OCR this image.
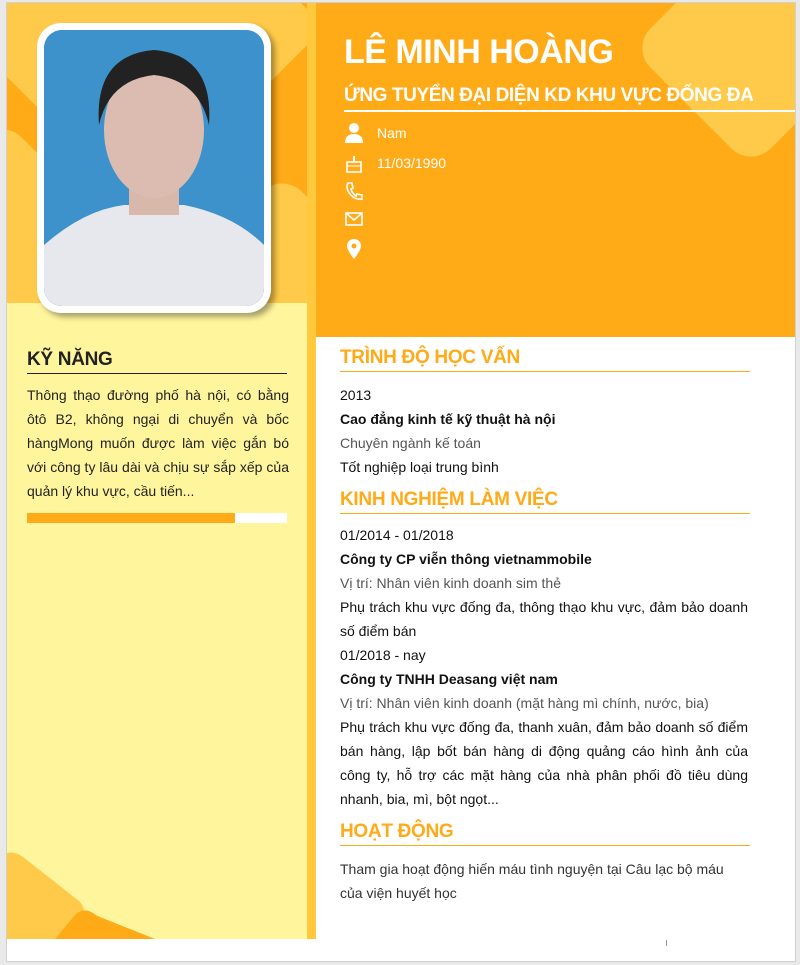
LÊ MINH HOÀNG
ỨNG TUYỂN ĐẠI DIỆN KD KHU VỰC ĐỐNG ĐA
Nam
11/03/1990
KỸ NĂNG
Thông thạo đường phố hà nội, có bằng ôtô B2, không ngại di chuyển và bốc hàngMong muốn được làm việc gắn bó với công ty lâu dài và chịu sự sắp xếp của quản lý khu vực, cầu tiến...
TRÌNH ĐỘ HỌC VẤN
2013
Cao đẳng kinh tế kỹ thuật hà nội
Chuyên ngành kế toán
Tốt nghiệp loại trung bình
KINH NGHIỆM LÀM VIỆC
01/2014 - 01/2018
Công ty CP viễn thông vietnammobile
Vị trí: Nhân viên kinh doanh sim thẻ
Phụ trách khu vực đống đa, thông thạo khu vực, đảm bảo doanh số điểm bán
01/2018 - nay
Công ty TNHH Deasang việt nam
Vị trí: Nhân viên kinh doanh (mặt hàng mì chính, nước, bia)
Phụ trách khu vực đống đa, thanh xuân, đảm bảo doanh số điểm bán hàng, lập bốt bán hàng di động quảng cáo hình ảnh của công ty, hỗ trợ các mặt hàng của nhà phân phối đồ tiêu dùng nhanh, bia, mì, bột ngọt...
HOẠT ĐỘNG
Tham gia hoạt động hiến máu tình nguyện tại Câu lạc bộ máu của viện huyết học
